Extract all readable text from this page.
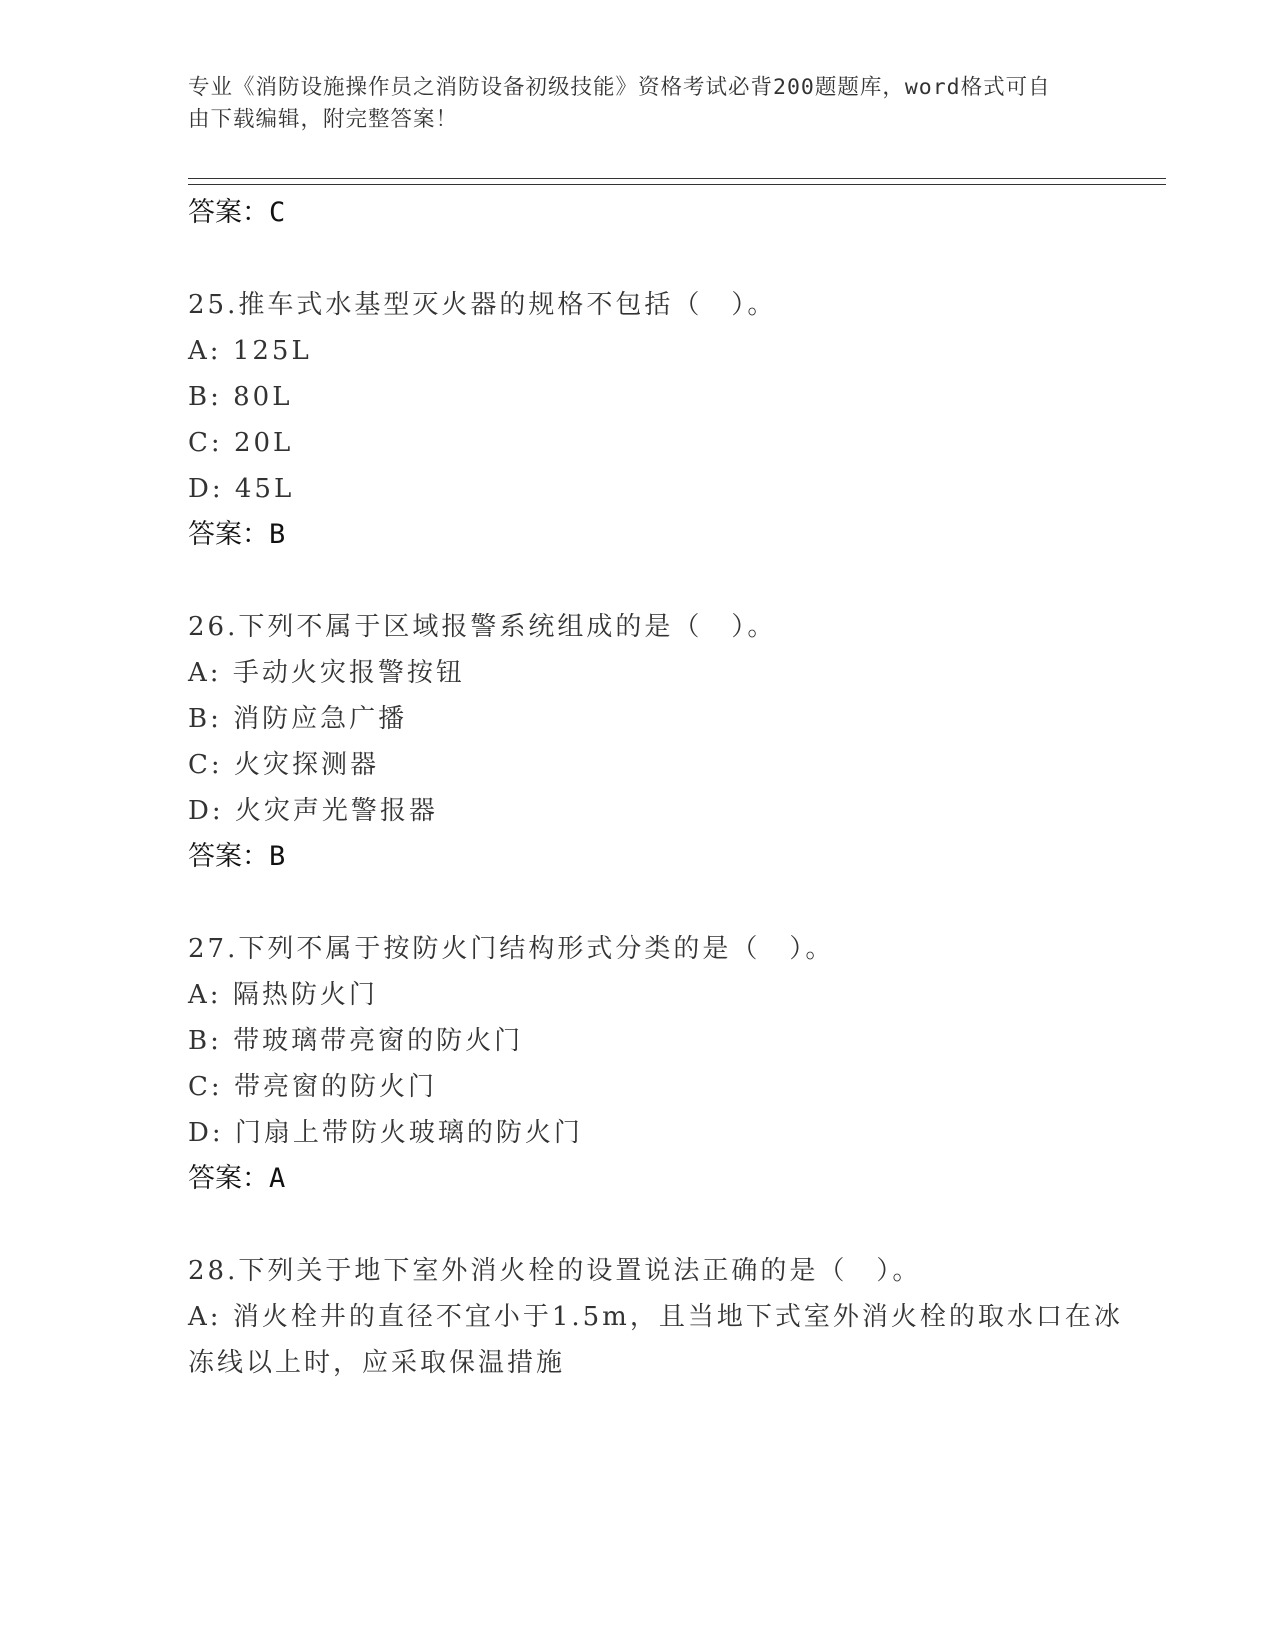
专业《消防设施操作员之消防设备初级技能》资格考试必背200题题库，word格式可自由下载编辑，附完整答案！
答案：C
25.推车式水基型灭火器的规格不包括（　）。
A: 125L
B: 80L
C: 20L
D: 45L
答案：B
26.下列不属于区域报警系统组成的是（　）。
A: 手动火灾报警按钮
B: 消防应急广播
C: 火灾探测器
D: 火灾声光警报器
答案：B
27.下列不属于按防火门结构形式分类的是（　）。
A: 隔热防火门
B: 带玻璃带亮窗的防火门
C: 带亮窗的防火门
D: 门扇上带防火玻璃的防火门
答案：A
28.下列关于地下室外消火栓的设置说法正确的是（　）。
A: 消火栓井的直径不宜小于1.5m，且当地下式室外消火栓的取水口在冰冻线以上时，应采取保温措施
